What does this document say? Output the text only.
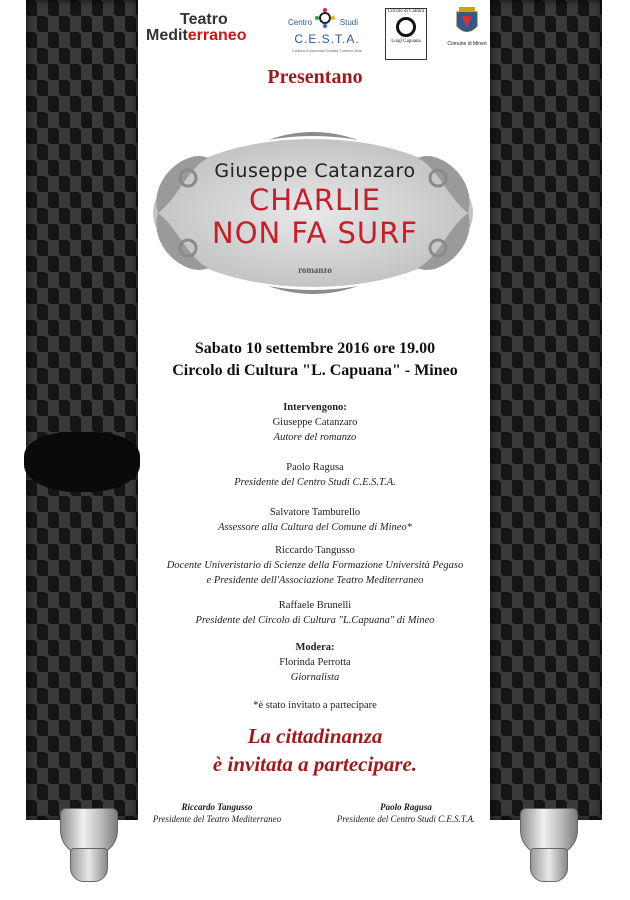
Teatro
Mediterraneo
Centro	Studi
C.E.S.T.A.
Cultura Economia Società Turismo Arte
Circolo di Cultura
Luigi Capuana	Comune di Mineo
Presentano
Giuseppe Catanzaro
CHARLIE
NON FA SURF
romanzo
Sabato 10 settembre 2016 ore 19.00
Circolo di Cultura "L. Capuana" - Mineo
Intervengono:
Giuseppe Catanzaro
Autore del romanzo
Paolo Ragusa
Presidente del Centro Studi C.E.S.T.A.
Salvatore Tamburello
Assessore alla Cultura del Comune di Mineo*
Riccardo Tangusso
Docente Univeristario di Scienze della Formazione Università Pegaso
e Presidente dell'Associazione Teatro Mediterraneo
Raffaele Brunelli
Presidente del Circolo di Cultura "L.Capuana" di Mineo
Modera:
Florinda Perrotta
Giornalista
*è stato invitato a partecipare
La cittadinanza
è invitata a partecipare.
Riccardo Tangusso
Presidente del Teatro Mediterraneo
Paolo Ragusa
Presidente del Centro Studi C.E.S.T.A.
